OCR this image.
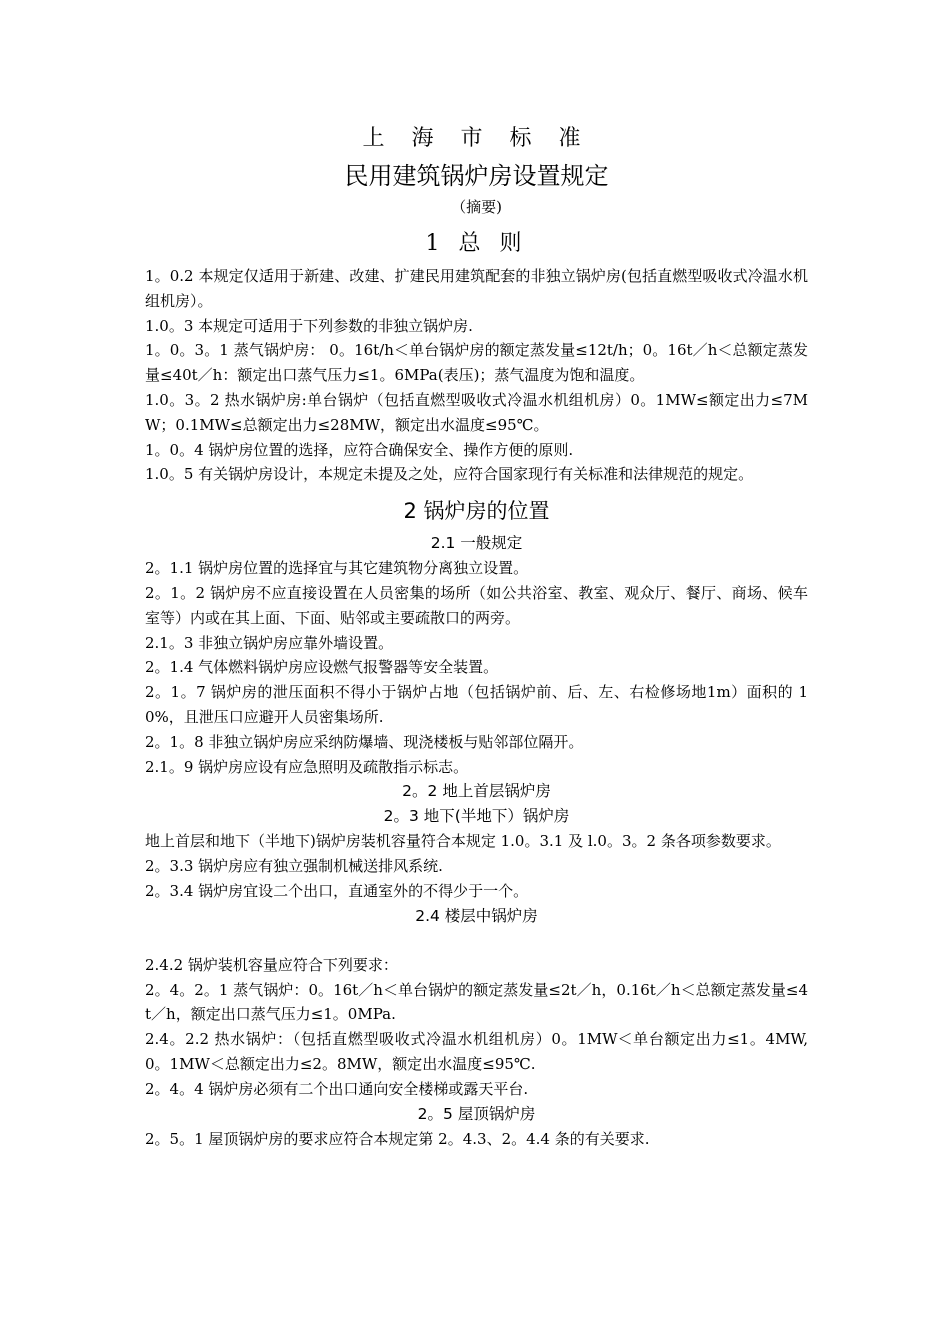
上 海 市 标 准
民用建筑锅炉房设置规定
（摘要)
1 总 则

1。0.2 本规定仅适用于新建、改建、扩建民用建筑配套的非独立锅炉房(包括直燃型吸收式冷温水机组机房）。

1.0。3 本规定可适用于下列参数的非独立锅炉房.

1。0。3。1 蒸气锅炉房： 0。16t/h＜单台锅炉房的额定蒸发量≤12t/h；0。16t／h＜总额定蒸发量≤40t／h：额定出口蒸气压力≤1。6MPa(表压)；蒸气温度为饱和温度。

1.0。3。2 热水锅炉房:单台锅炉（包括直燃型吸收式冷温水机组机房）0。1MW≤额定出力≤7MW；0.1MW≤总额定出力≤28MW，额定出水温度≤95℃。

1。0。4 锅炉房位置的选择，应符合确保安全、操作方便的原则.

1.0。5 有关锅炉房设计，本规定未提及之处，应符合国家现行有关标准和法律规范的规定。

2 锅炉房的位置
2.1 一般规定

2。1.1 锅炉房位置的选择宜与其它建筑物分离独立设置。

2。1。2 锅炉房不应直接设置在人员密集的场所（如公共浴室、教室、观众厅、餐厅、商场、候车室等）内或在其上面、下面、贴邻或主要疏散口的两旁。

2.1。3 非独立锅炉房应靠外墙设置。

2。1.4 气体燃料锅炉房应设燃气报警器等安全装置。

2。1。7 锅炉房的泄压面积不得小于锅炉占地（包括锅炉前、后、左、右检修场地1m）面积的 10%，且泄压口应避开人员密集场所.

2。1。8 非独立锅炉房应采纳防爆墙、现浇楼板与贴邻部位隔开。

2.1。9 锅炉房应设有应急照明及疏散指示标志。

2。2 地上首层锅炉房
2。3 地下(半地下）锅炉房

地上首层和地下（半地下)锅炉房装机容量符合本规定 1.0。3.1 及 l.0。3。2 条各项参数要求。

2。3.3 锅炉房应有独立强制机械送排风系统.

2。3.4 锅炉房宜设二个出口，直通室外的不得少于一个。

2.4 楼层中锅炉房

2.4.2 锅炉装机容量应符合下列要求：

2。4。2。1 蒸气锅炉：0。16t／h＜单台锅炉的额定蒸发量≤2t／h，0.16t／h＜总额定蒸发量≤4t／h，额定出口蒸气压力≤1。0MPa.

2.4。2.2 热水锅炉：（包括直燃型吸收式冷温水机组机房）0。1MW＜单台额定出力≤1。4MW,0。1MW＜总额定出力≤2。8MW，额定出水温度≤95℃.

2。4。4 锅炉房必须有二个出口通向安全楼梯或露天平台.

2。5 屋顶锅炉房

2。5。1 屋顶锅炉房的要求应符合本规定第 2。4.3、2。4.4 条的有关要求.
